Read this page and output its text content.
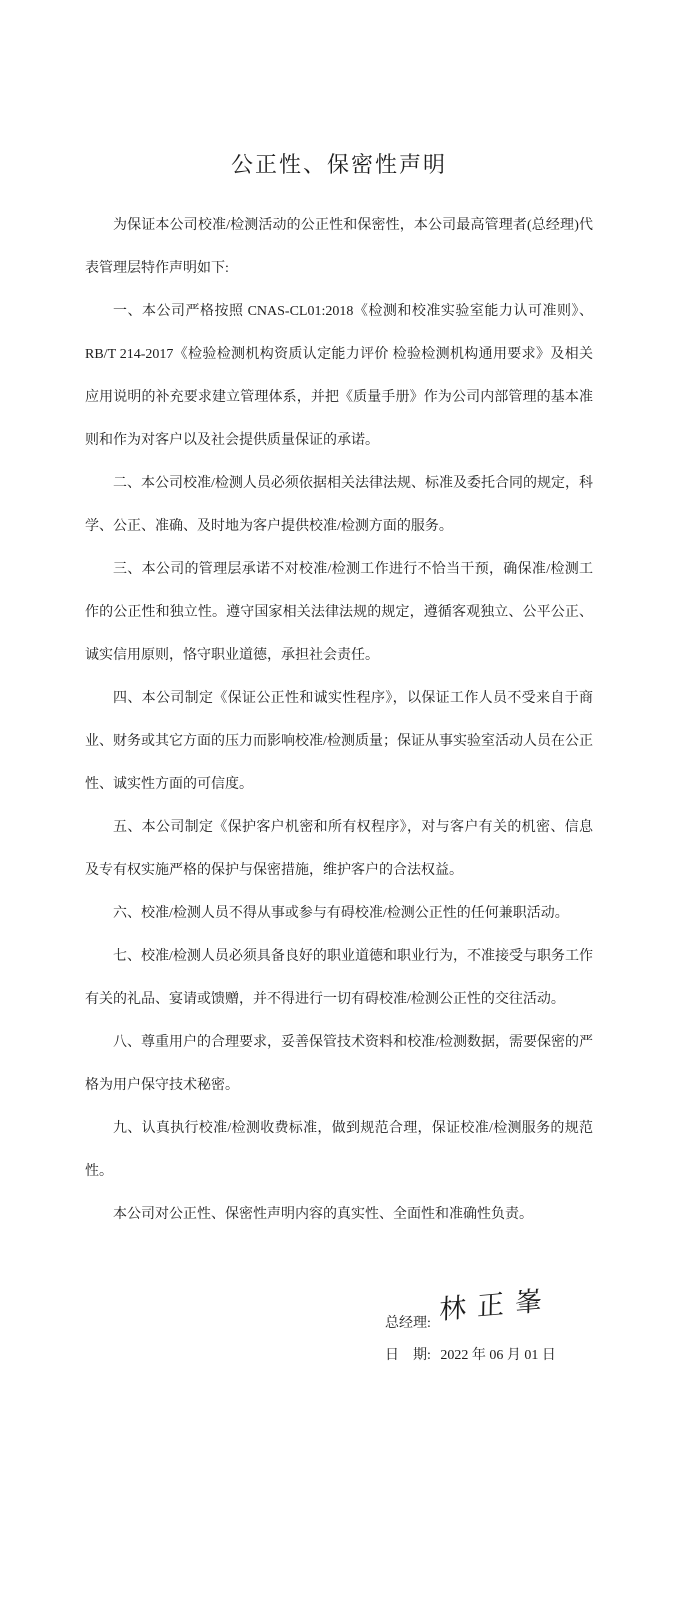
公正性、保密性声明

为保证本公司校准/检测活动的公正性和保密性，本公司最高管理者(总经理)代表管理层特作声明如下:

一、本公司严格按照 CNAS-CL01:2018《检测和校准实验室能力认可准则》、RB/T 214-2017《检验检测机构资质认定能力评价 检验检测机构通用要求》及相关应用说明的补充要求建立管理体系，并把《质量手册》作为公司内部管理的基本准则和作为对客户以及社会提供质量保证的承诺。

二、本公司校准/检测人员必须依据相关法律法规、标准及委托合同的规定，科学、公正、准确、及时地为客户提供校准/检测方面的服务。

三、本公司的管理层承诺不对校准/检测工作进行不恰当干预，确保准/检测工作的公正性和独立性。遵守国家相关法律法规的规定，遵循客观独立、公平公正、诚实信用原则，恪守职业道德，承担社会责任。

四、本公司制定《保证公正性和诚实性程序》，以保证工作人员不受来自于商业、财务或其它方面的压力而影响校准/检测质量；保证从事实验室活动人员在公正性、诚实性方面的可信度。

五、本公司制定《保护客户机密和所有权程序》，对与客户有关的机密、信息及专有权实施严格的保护与保密措施，维护客户的合法权益。

六、校准/检测人员不得从事或参与有碍校准/检测公正性的任何兼职活动。

七、校准/检测人员必须具备良好的职业道德和职业行为，不准接受与职务工作有关的礼品、宴请或馈赠，并不得进行一切有碍校准/检测公正性的交往活动。

八、尊重用户的合理要求，妥善保管技术资料和校准/检测数据，需要保密的严格为用户保守技术秘密。

九、认真执行校准/检测收费标准，做到规范合理，保证校准/检测服务的规范性。

本公司对公正性、保密性声明内容的真实性、全面性和准确性负责。

总经理: 林正峯
日　期: 2022 年 06 月 01 日
